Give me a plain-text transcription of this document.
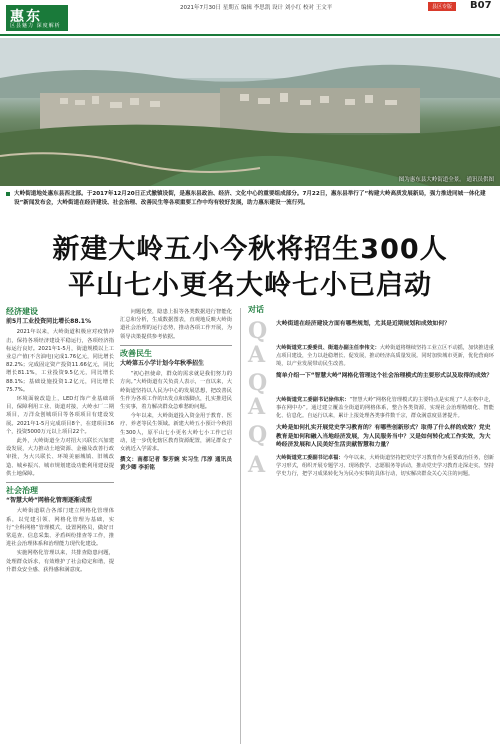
惠东
区县魅力 深度解析
2021年7月30日 星期五 编辑 李思凯 设计 刘小红 校对 王文平	县区专版	B07
图为惠东县大岭街道全景。 通讯员供图
大岭街道地处惠东县西北部。于2017年12月20日正式撤镇设街，是惠东县政治、经济、文化中心的重要组成部分。7月22日，惠东县举行了“构建大岭高质发展新局，强力推进同城一体化建设”新闻发布会，大岭街道在经济建设、社会治理、改善民生等各项重要工作中均有较好发展，助力惠东建设一流行列。
新建大岭五小今秋将招生300人
平山七小更名大岭七小已启动
经济建设
前5月工业投资同比增长88.1%
2021年以来，大岭街道积极应对疫情冲击，保持各项经济建设平稳运行，各项经济指标运行良好。2021年1-5月，街道规模以上工业总产值(不含油电)完成1.76亿元，同比增长82.2%；完成固定资产投资11.66亿元，同比增长81.1%，工业投资9.5亿元，同比增长88.1%；基础设施投资1.2亿元，同比增长75.7%。
环境面貌改造上，LED灯饰产业基础项目，保障利用工业、街道对接，大岭水厂二期项目，万洋众创城项目等各项项目有建设发展。2021年1-5月完成项目8个，在建项目36个，投资5000万元以上项目22个。
此外，大岭街道全力对招大兴联长兴加建设发展，大力推动土地资源、金融及改善行政审批，为大兴联长、环境美丽城镇、旧城改造、城乡振兴、城市规划建设功能利用建设提供土地保障。
社会治理
“智慧大岭”网格化管理逐渐成型
大岭街道联合各部门建立网格化管理体系，以党建引领、网格化管理为基础，实行“全科网格”管理模式，设置网格员，做好日常巡查、信息采集、矛盾纠纷排查等工作，推进社会治理体系和治理能力现代化建设。
实施网格化管理以来，共排查隐患问题，处理群众诉求，有效维护了社会稳定和谐，提升群众安全感、获得感和满意度。
问题化整，隐患上报等各类数据进行智能化汇总和分析，生成数据图表，直观地反映大岭街道社会治理的运行态势，推动各项工作开展，为领导决策提供参考依据。
改善民生
大岭第五小学计划今年秋季招生
“初心担使命，群众的需求就是我们努力的方向。”大岭街道有关负责人表示，一直以来，大岭街道坚持以人民为中心的发展思想，把改善民生作为各项工作的出发点和落脚点，扎实推进民生实事，着力解决群众急难愁盼问题。
今年以来，大岭街道投入资金用于教育、医疗、养老等民生领域。新建大岭五小预计今秋招生300人，原平山七小更名大岭七小工作已启动，进一步优化辖区教育资源配置，满足群众子女就近入学需求。
撰文：南都记者 黎芳婉 实习生 邝淳 通讯员 黄少卿 李祈铭
对话
Q 大岭街道在经济建设方面有哪些规划，尤其是近期规划和成效如何？
A 大岭街道党工委委员、街道办副主任李伟文：大岭街道将继续坚持工业立区不动摇，加快推进重点项目建设，全力以赴稳增长、促发展，推动经济高质量发展。同时加快城市更新，优化营商环境，以产业发展带动民生改善。
Q 简单介绍一下“智慧大岭”网格化管理这个社会治理模式的主要形式以及取得的成效？
A 大岭街道党工委副书记徐伟东：“智慧大岭”网格化管理模式的主要特点是实现了“人在格中走，事在网中办”。通过建立覆盖全街道的网格体系，整合各类资源，实现社会治理精细化、智能化、信息化。自运行以来，累计上报处理各类事件数千宗，群众满意度显著提升。
Q 大岭是如何扎实开展党史学习教育的？有哪些创新形式？取得了什么样的成效？党史教育是如何和融入当地经济发展，为人民服务当中？又是如何转化成工作实效，为大岭经济发展和人民美好生活贡献智慧和力量？
A 大岭街道党工委副书记卓福：今年以来，大岭街道坚持把党史学习教育作为重要政治任务，创新学习形式，组织开展专题学习、现场教学、志愿服务等活动，推动党史学习教育走深走实。坚持学史力行，把学习成果转化为为民办实事的具体行动，切实解决群众关心关注的问题。
